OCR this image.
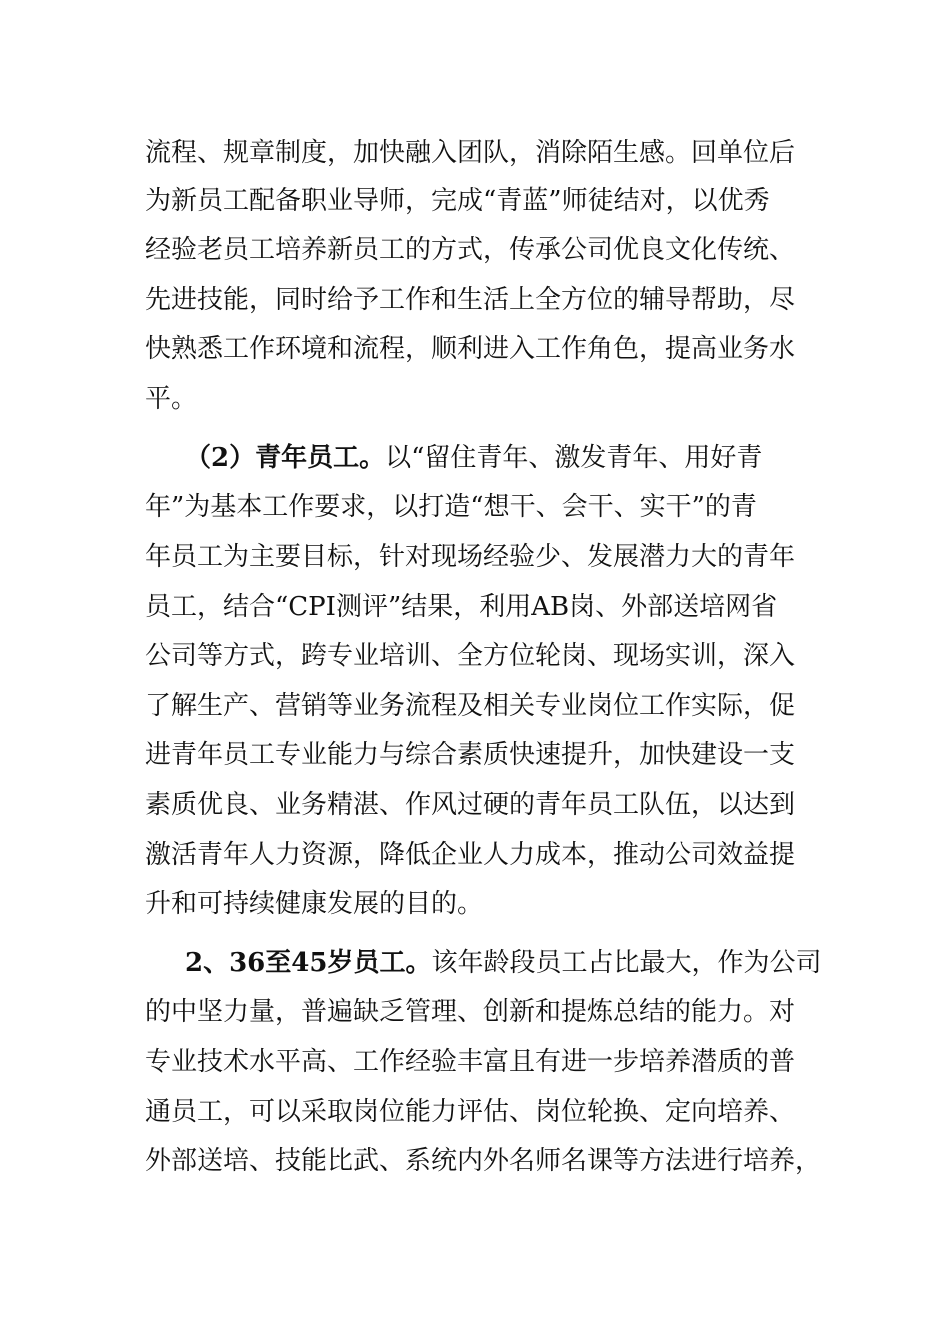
流程、规章制度，加快融入团队，消除陌生感。回单位后
为新员工配备职业导师，完成“青蓝”师徒结对，以优秀
经验老员工培养新员工的方式，传承公司优良文化传统、
先进技能，同时给予工作和生活上全方位的辅导帮助，尽
快熟悉工作环境和流程，顺利进入工作角色，提高业务水
平。
（2）青年员工。以“留住青年、激发青年、用好青
年”为基本工作要求，以打造“想干、会干、实干”的青
年员工为主要目标，针对现场经验少、发展潜力大的青年
员工，结合“CPI测评”结果，利用AB岗、外部送培网省
公司等方式，跨专业培训、全方位轮岗、现场实训，深入
了解生产、营销等业务流程及相关专业岗位工作实际，促
进青年员工专业能力与综合素质快速提升，加快建设一支
素质优良、业务精湛、作风过硬的青年员工队伍，以达到
激活青年人力资源，降低企业人力成本，推动公司效益提
升和可持续健康发展的目的。
2、36至45岁员工。该年龄段员工占比最大，作为公司
的中坚力量，普遍缺乏管理、创新和提炼总结的能力。对
专业技术水平高、工作经验丰富且有进一步培养潜质的普
通员工，可以采取岗位能力评估、岗位轮换、定向培养、
外部送培、技能比武、系统内外名师名课等方法进行培养，
